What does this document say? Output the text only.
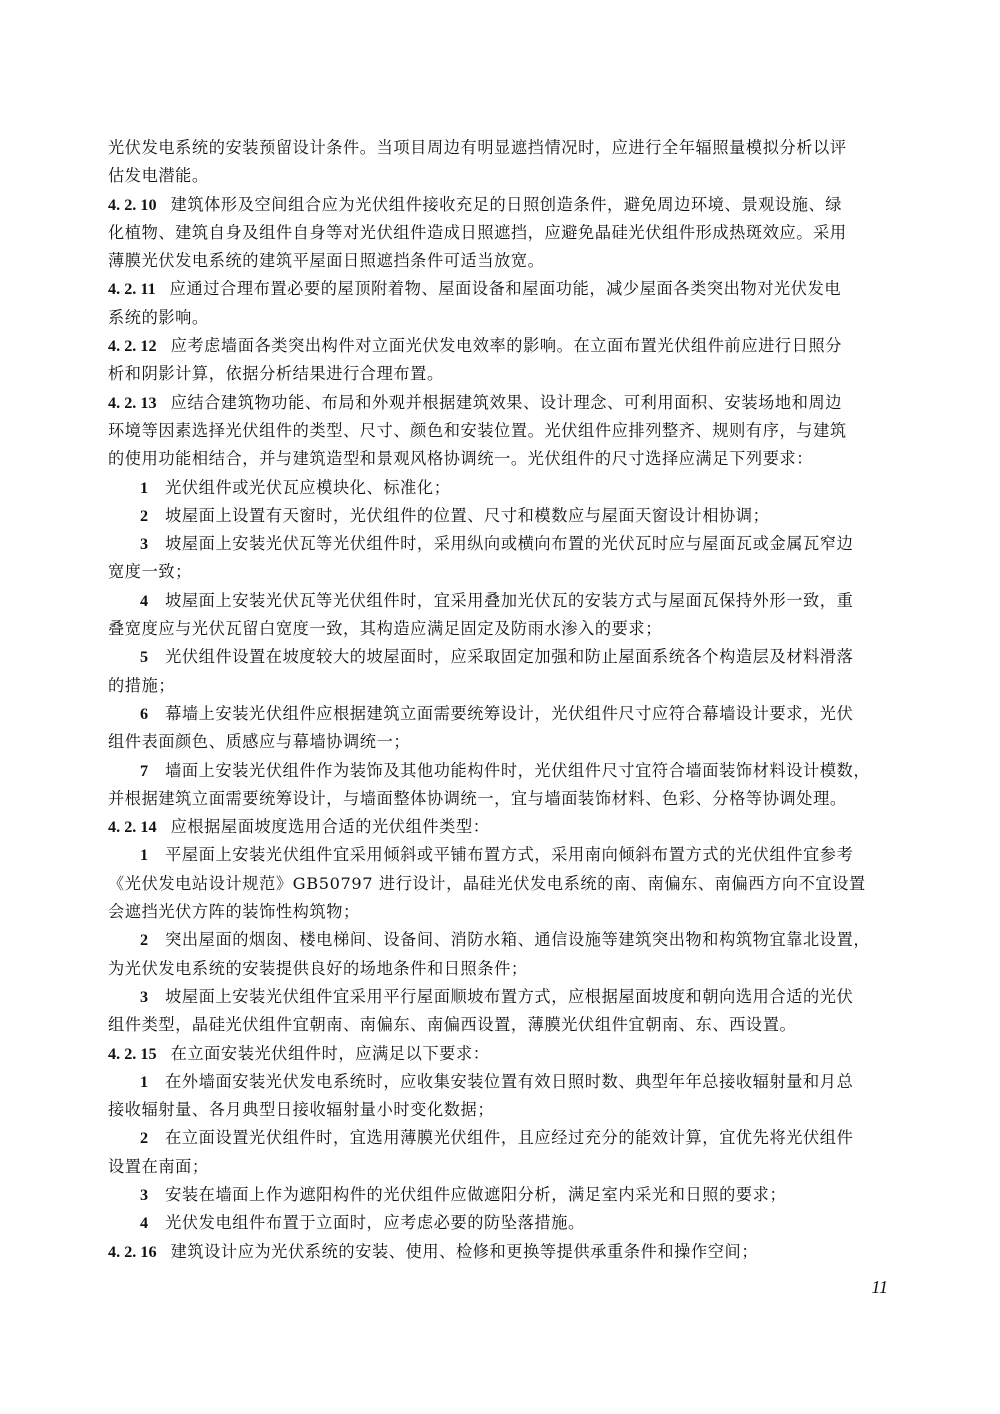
光伏发电系统的安装预留设计条件。当项目周边有明显遮挡情况时，应进行全年辐照量模拟分析以评
估发电潜能。
4. 2. 10 建筑体形及空间组合应为光伏组件接收充足的日照创造条件，避免周边环境、景观设施、绿
化植物、建筑自身及组件自身等对光伏组件造成日照遮挡，应避免晶硅光伏组件形成热斑效应。采用
薄膜光伏发电系统的建筑平屋面日照遮挡条件可适当放宽。
4. 2. 11 应通过合理布置必要的屋顶附着物、屋面设备和屋面功能，减少屋面各类突出物对光伏发电
系统的影响。
4. 2. 12 应考虑墙面各类突出构件对立面光伏发电效率的影响。在立面布置光伏组件前应进行日照分
析和阴影计算，依据分析结果进行合理布置。
4. 2. 13 应结合建筑物功能、布局和外观并根据建筑效果、设计理念、可利用面积、安装场地和周边
环境等因素选择光伏组件的类型、尺寸、颜色和安装位置。光伏组件应排列整齐、规则有序，与建筑
的使用功能相结合，并与建筑造型和景观风格协调统一。光伏组件的尺寸选择应满足下列要求：
1 光伏组件或光伏瓦应模块化、标准化；
2 坡屋面上设置有天窗时，光伏组件的位置、尺寸和模数应与屋面天窗设计相协调；
3 坡屋面上安装光伏瓦等光伏组件时，采用纵向或横向布置的光伏瓦时应与屋面瓦或金属瓦窄边
宽度一致；
4 坡屋面上安装光伏瓦等光伏组件时，宜采用叠加光伏瓦的安装方式与屋面瓦保持外形一致，重
叠宽度应与光伏瓦留白宽度一致，其构造应满足固定及防雨水渗入的要求；
5 光伏组件设置在坡度较大的坡屋面时，应采取固定加强和防止屋面系统各个构造层及材料滑落
的措施；
6 幕墙上安装光伏组件应根据建筑立面需要统筹设计，光伏组件尺寸应符合幕墙设计要求，光伏
组件表面颜色、质感应与幕墙协调统一；
7 墙面上安装光伏组件作为装饰及其他功能构件时，光伏组件尺寸宜符合墙面装饰材料设计模数，
并根据建筑立面需要统筹设计，与墙面整体协调统一，宜与墙面装饰材料、色彩、分格等协调处理。
4. 2. 14 应根据屋面坡度选用合适的光伏组件类型：
1 平屋面上安装光伏组件宜采用倾斜或平铺布置方式，采用南向倾斜布置方式的光伏组件宜参考
《光伏发电站设计规范》GB50797 进行设计，晶硅光伏发电系统的南、南偏东、南偏西方向不宜设置
会遮挡光伏方阵的装饰性构筑物；
2 突出屋面的烟囱、楼电梯间、设备间、消防水箱、通信设施等建筑突出物和构筑物宜靠北设置，
为光伏发电系统的安装提供良好的场地条件和日照条件；
3 坡屋面上安装光伏组件宜采用平行屋面顺坡布置方式，应根据屋面坡度和朝向选用合适的光伏
组件类型，晶硅光伏组件宜朝南、南偏东、南偏西设置，薄膜光伏组件宜朝南、东、西设置。
4. 2. 15 在立面安装光伏组件时，应满足以下要求：
1 在外墙面安装光伏发电系统时，应收集安装位置有效日照时数、典型年年总接收辐射量和月总
接收辐射量、各月典型日接收辐射量小时变化数据；
2 在立面设置光伏组件时，宜选用薄膜光伏组件，且应经过充分的能效计算，宜优先将光伏组件
设置在南面；
3 安装在墙面上作为遮阳构件的光伏组件应做遮阳分析，满足室内采光和日照的要求；
4 光伏发电组件布置于立面时，应考虑必要的防坠落措施。
4. 2. 16 建筑设计应为光伏系统的安装、使用、检修和更换等提供承重条件和操作空间；
11
